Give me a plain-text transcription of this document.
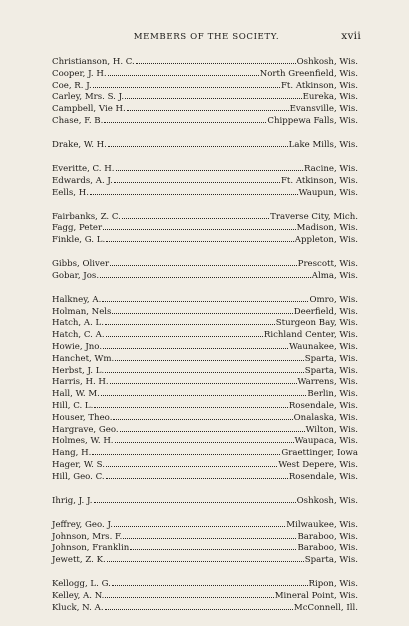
MEMBERS OF THE SOCIETY.	xvii
Christianson, H. C.	Oshkosh, Wis.
Cooper, J. H.	North Greenfield, Wis.
Coe, R. J.	Ft. Atkinson, Wis.
Carley, Mrs. S. J.	Eureka, Wis.
Campbell, Vie H.	Evansville, Wis.
Chase, F. B.	Chippewa Falls, Wis.
Drake, W. H.	Lake Mills, Wis.
Everitte, C. H.	Racine, Wis.
Edwards, A. J.	Ft. Atkinson, Wis.
Eells, H.	Waupun, Wis.
Fairbanks, Z. C.	Traverse City, Mich.
Fagg, Peter	Madison, Wis.
Finkle, G. L.	Appleton, Wis.
Gibbs, Oliver	Prescott, Wis.
Gobar, Jos.	Alma, Wis.
Halkney, A.	Omro, Wis.
Holman, Nels	Deerfield, Wis.
Hatch, A. L.	Sturgeon Bay, Wis.
Hatch, C. A.	Richland Center, Wis.
Howie, Jno.	Waunakee, Wis.
Hanchet, Wm.	Sparta, Wis.
Herbst, J. L.	Sparta, Wis.
Harris, H. H.	Warrens, Wis.
Hall, W. M.	Berlin, Wis.
Hill, C. L.	Rosendale, Wis.
Houser, Theo.	Onalaska, Wis.
Hargrave, Geo.	Wilton, Wis.
Holmes, W. H.	Waupaca, Wis.
Hang, H.	Graettinger, Iowa
Hager, W. S.	West Depere, Wis.
Hill, Geo. C.	Rosendale, Wis.
Ihrig, J. J.	Oshkosh, Wis.
Jeffrey, Geo. J.	Milwaukee, Wis.
Johnson, Mrs. F.	Baraboo, Wis.
Johnson, Franklin	Baraboo, Wis.
Jewett, Z. K.	Sparta, Wis.
Kellogg, L. G.	Ripon, Wis.
Kelley, A. N.	Mineral Point, Wis.
Kluck, N. A.	McConnell, Ill.
